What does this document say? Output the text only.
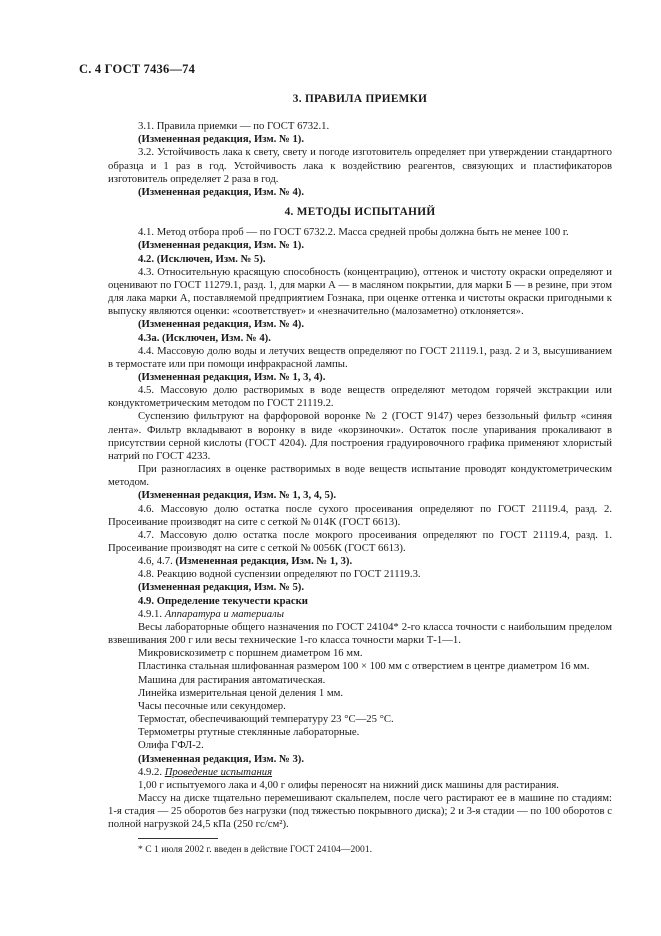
С. 4 ГОСТ 7436—74
3. ПРАВИЛА ПРИЕМКИ

3.1. Правила приемки — по ГОСТ 6732.1.

(Измененная редакция, Изм. № 1).

3.2. Устойчивость лака к свету, свету и погоде изготовитель определяет при утверждении стандартного образца и 1 раз в год. Устойчивость лака к воздействию реагентов, связующих и пластификаторов изготовитель определяет 2 раза в год.

(Измененная редакция, Изм. № 4).

4. МЕТОДЫ ИСПЫТАНИЙ

4.1. Метод отбора проб — по ГОСТ 6732.2. Масса средней пробы должна быть не менее 100 г.

(Измененная редакция, Изм. № 1).

4.2. (Исключен, Изм. № 5).

4.3. Относительную красящую способность (концентрацию), оттенок и чистоту окраски определяют и оценивают по ГОСТ 11279.1, разд. 1, для марки А — в масляном покрытии, для марки Б — в резине, при этом для лака марки А, поставляемой предприятием Гознака, при оценке оттенка и чистоты окраски пригодными к выпуску являются оценки: «соответствует» и «незначительно (малозаметно) отклоняется».

(Измененная редакция, Изм. № 4).

4.3а. (Исключен, Изм. № 4).

4.4. Массовую долю воды и летучих веществ определяют по ГОСТ 21119.1, разд. 2 и 3, высушиванием в термостате или при помощи инфракрасной лампы.

(Измененная редакция, Изм. № 1, 3, 4).

4.5. Массовую долю растворимых в воде веществ определяют методом горячей экстракции или кондуктометрическим методом по ГОСТ 21119.2.

Суспензию фильтруют на фарфоровой воронке № 2 (ГОСТ 9147) через беззольный фильтр «синяя лента». Фильтр вкладывают в воронку в виде «корзиночки». Остаток после упаривания прокаливают в присутствии серной кислоты (ГОСТ 4204). Для построения градуировочного графика применяют хлористый натрий по ГОСТ 4233.

При разногласиях в оценке растворимых в воде веществ испытание проводят кондуктометрическим методом.

(Измененная редакция, Изм. № 1, 3, 4, 5).

4.6. Массовую долю остатка после сухого просеивания определяют по ГОСТ 21119.4, разд. 2. Просеивание производят на сите с сеткой № 014К (ГОСТ 6613).

4.7. Массовую долю остатка после мокрого просеивания определяют по ГОСТ 21119.4, разд. 1. Просеивание производят на сите с сеткой № 0056К (ГОСТ 6613).

4.6, 4.7. (Измененная редакция, Изм. № 1, 3).

4.8. Реакцию водной суспензии определяют по ГОСТ 21119.3.

(Измененная редакция, Изм. № 5).

4.9. Определение текучести краски

4.9.1. Аппаратура и материалы

Весы лабораторные общего назначения по ГОСТ 24104* 2-го класса точности с наибольшим пределом взвешивания 200 г или весы технические 1-го класса точности марки Т-1—1.

Микровискозиметр с поршнем диаметром 16 мм.

Пластинка стальная шлифованная размером 100 × 100 мм с отверстием в центре диаметром 16 мм.

Машина для растирания автоматическая.

Линейка измерительная ценой деления 1 мм.

Часы песочные или секундомер.

Термостат, обеспечивающий температуру 23 °С—25 °С.

Термометры ртутные стеклянные лабораторные.

Олифа ГФЛ-2.

(Измененная редакция, Изм. № 3).

4.9.2. Проведение испытания

1,00 г испытуемого лака и 4,00 г олифы переносят на нижний диск машины для растирания.

Массу на диске тщательно перемешивают скальпелем, после чего растирают ее в машине по стадиям: 1-я стадия — 25 оборотов без нагрузки (под тяжестью покрывного диска); 2 и 3-я стадии — по 100 оборотов с полной нагрузкой 24,5 кПа (250 гс/см²).

* С 1 июля 2002 г. введен в действие ГОСТ 24104—2001.
